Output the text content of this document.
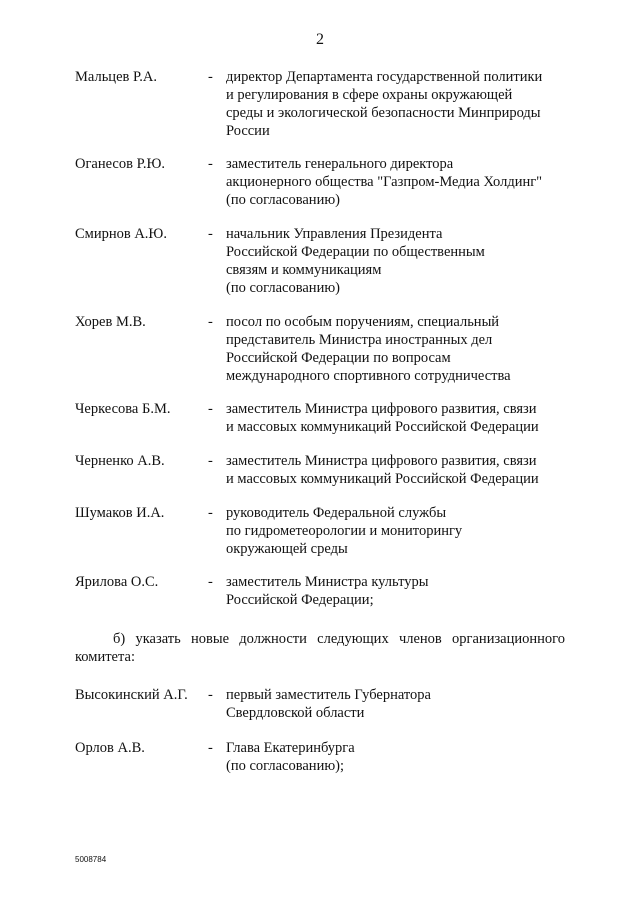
2
Мальцев Р.А.	- директор Департамента государственной политики
и регулирования в сфере охраны окружающей
среды и экологической безопасности Минприроды
России
Оганесов Р.Ю.	- заместитель генерального директора
акционерного общества "Газпром-Медиа Холдинг"
(по согласованию)
Смирнов А.Ю.	- начальник Управления Президента
Российской Федерации по общественным
связям и коммуникациям
(по согласованию)
Хорев М.В.	- посол по особым поручениям, специальный
представитель Министра иностранных дел
Российской Федерации по вопросам
международного спортивного сотрудничества
Черкесова Б.М.	- заместитель Министра цифрового развития, связи
и массовых коммуникаций Российской Федерации
Черненко А.В.	- заместитель Министра цифрового развития, связи
и массовых коммуникаций Российской Федерации
Шумаков И.А.	- руководитель Федеральной службы
по гидрометеорологии и мониторингу
окружающей среды
Ярилова О.С.	- заместитель Министра культуры
Российской Федерации;
б) указать новые должности следующих членов организационного
комитета:
Высокинский А.Г. - первый заместитель Губернатора
Свердловской области
Орлов А.В.	- Глава Екатеринбурга
(по согласованию);
5008784
